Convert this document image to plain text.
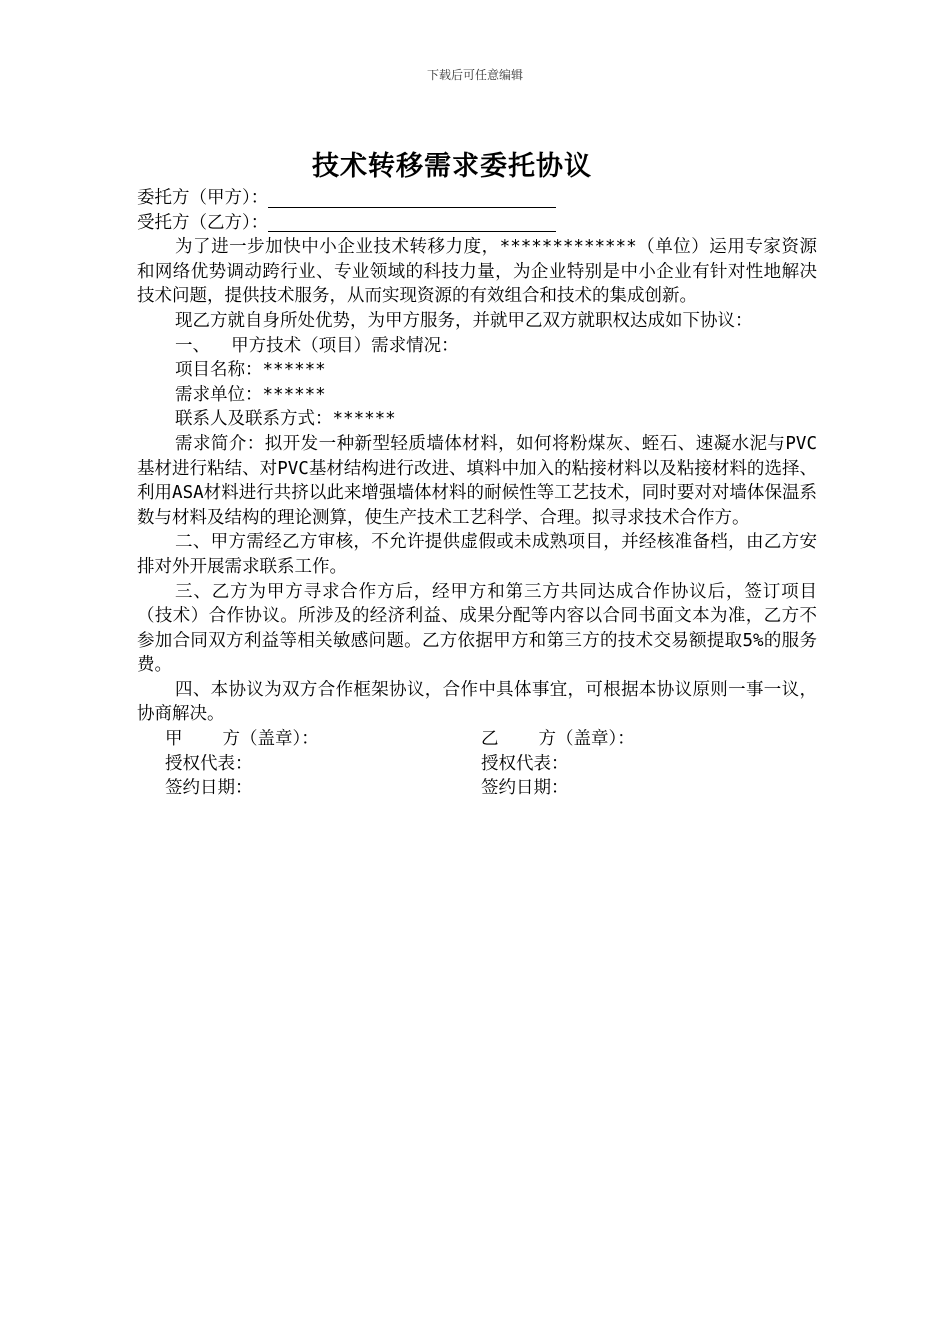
下载后可任意编辑
技术转移需求委托协议
委托方（甲方）：
受托方（乙方）：
为了进一步加快中小企业技术转移力度，*************（单位）运用专家资源和网络优势调动跨行业、专业领域的科技力量，为企业特别是中小企业有针对性地解决技术问题，提供技术服务，从而实现资源的有效组合和技术的集成创新。
现乙方就自身所处优势，为甲方服务，并就甲乙双方就职权达成如下协议：
一、  甲方技术（项目）需求情况：
项目名称：******
需求单位：******
联系人及联系方式：******
需求简介：拟开发一种新型轻质墙体材料，如何将粉煤灰、蛭石、速凝水泥与PVC基材进行粘结、对PVC基材结构进行改进、填料中加入的粘接材料以及粘接材料的选择、利用ASA材料进行共挤以此来增强墙体材料的耐候性等工艺技术，同时要对对墙体保温系数与材料及结构的理论测算，使生产技术工艺科学、合理。拟寻求技术合作方。
二、甲方需经乙方审核，不允许提供虚假或未成熟项目，并经核准备档，由乙方安排对外开展需求联系工作。
三、乙方为甲方寻求合作方后，经甲方和第三方共同达成合作协议后，签订项目（技术）合作协议。所涉及的经济利益、成果分配等内容以合同书面文本为准，乙方不参加合同双方利益等相关敏感问题。乙方依据甲方和第三方的技术交易额提取5%的服务费。
四、本协议为双方合作框架协议，合作中具体事宜，可根据本协议原则一事一议，协商解决。
甲 方（盖章）：	乙 方（盖章）：
授权代表：	授权代表：
签约日期：	签约日期：
